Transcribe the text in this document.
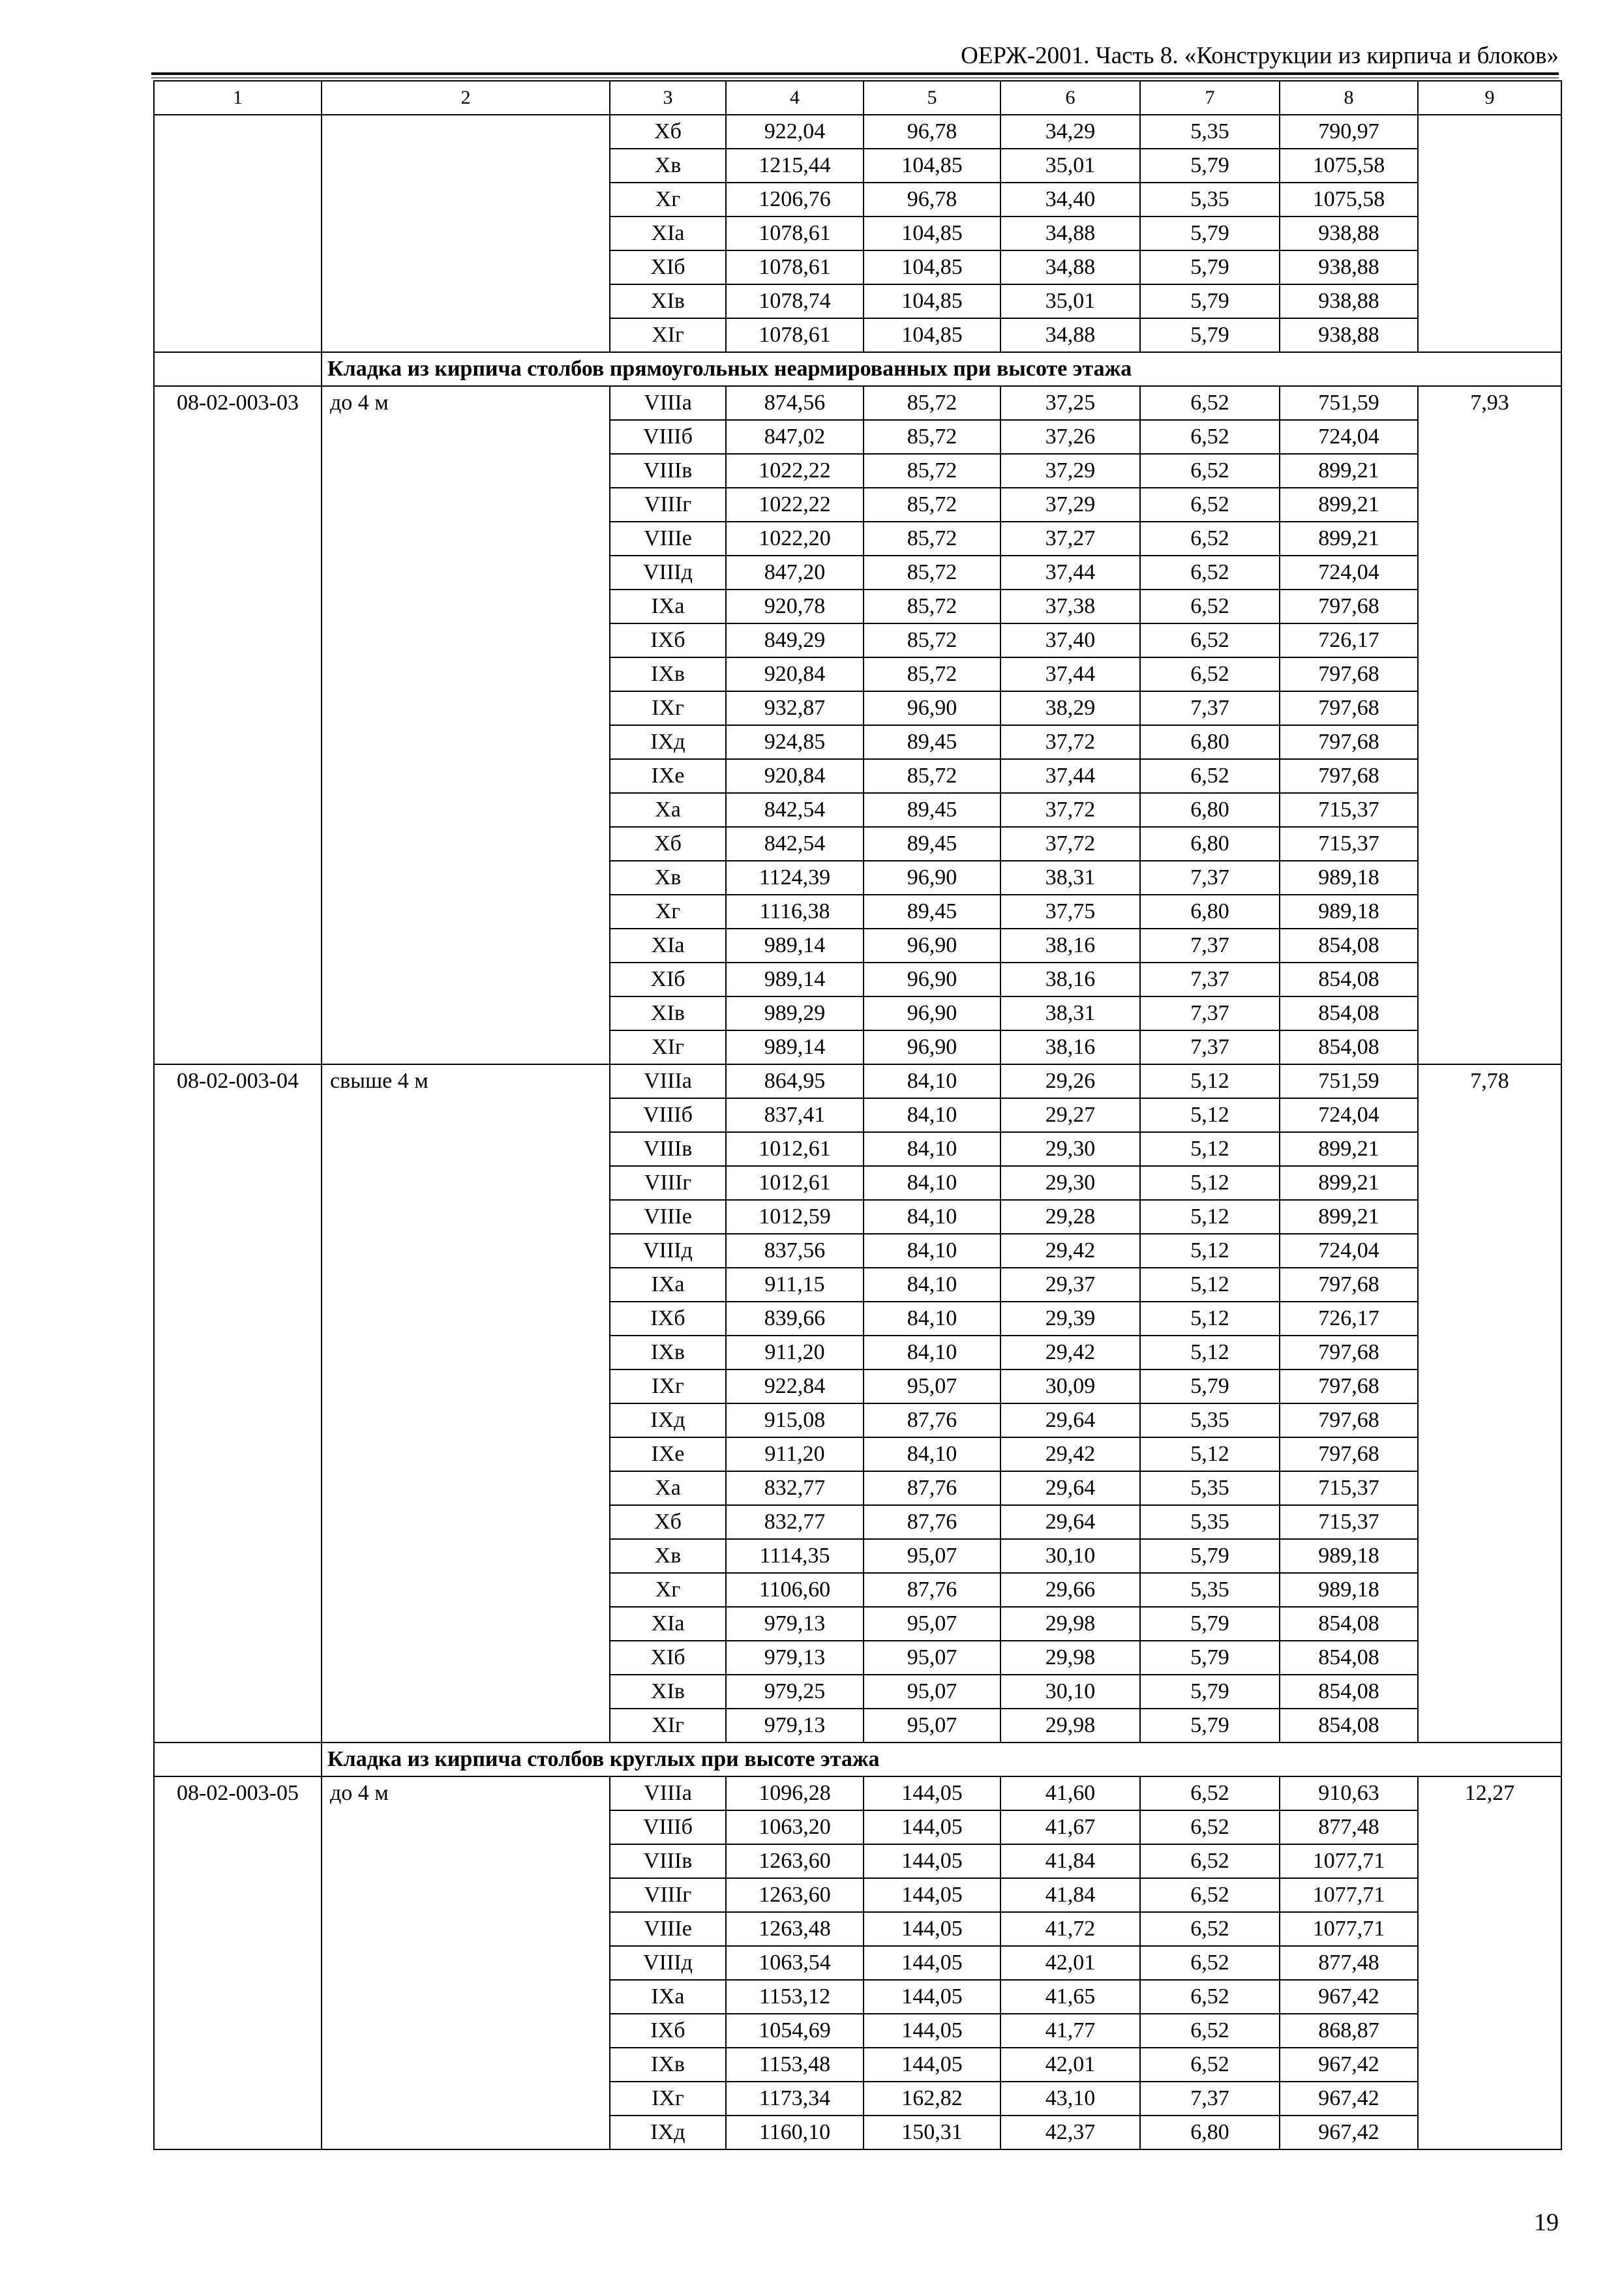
ОЕРЖ-2001. Часть 8. «Конструкции из кирпича и блоков»
1	2	3	4	5	6	7	8	9
		Xб	922,04	96,78	34,29	5,35	790,97	
		Xв	1215,44	104,85	35,01	5,79	1075,58	
		Xг	1206,76	96,78	34,40	5,35	1075,58	
		XIa	1078,61	104,85	34,88	5,79	938,88	
		XIб	1078,61	104,85	34,88	5,79	938,88	
		XIв	1078,74	104,85	35,01	5,79	938,88	
		XIг	1078,61	104,85	34,88	5,79	938,88	
	Кладка из кирпича столбов прямоугольных неармированных при высоте этажа							
08-02-003-03	до 4 м	VIIIa	874,56	85,72	37,25	6,52	751,59	7,93
		VIIIб	847,02	85,72	37,26	6,52	724,04	
		VIIIв	1022,22	85,72	37,29	6,52	899,21	
		VIIIг	1022,22	85,72	37,29	6,52	899,21	
		VIIIe	1022,20	85,72	37,27	6,52	899,21	
		VIIIд	847,20	85,72	37,44	6,52	724,04	
		IXa	920,78	85,72	37,38	6,52	797,68	
		IXб	849,29	85,72	37,40	6,52	726,17	
		IXв	920,84	85,72	37,44	6,52	797,68	
		IXг	932,87	96,90	38,29	7,37	797,68	
		IXд	924,85	89,45	37,72	6,80	797,68	
		IXe	920,84	85,72	37,44	6,52	797,68	
		Xa	842,54	89,45	37,72	6,80	715,37	
		Xб	842,54	89,45	37,72	6,80	715,37	
		Xв	1124,39	96,90	38,31	7,37	989,18	
		Xг	1116,38	89,45	37,75	6,80	989,18	
		XIa	989,14	96,90	38,16	7,37	854,08	
		XIб	989,14	96,90	38,16	7,37	854,08	
		XIв	989,29	96,90	38,31	7,37	854,08	
		XIг	989,14	96,90	38,16	7,37	854,08	
08-02-003-04	свыше 4 м	VIIIa	864,95	84,10	29,26	5,12	751,59	7,78
		VIIIб	837,41	84,10	29,27	5,12	724,04	
		VIIIв	1012,61	84,10	29,30	5,12	899,21	
		VIIIг	1012,61	84,10	29,30	5,12	899,21	
		VIIIe	1012,59	84,10	29,28	5,12	899,21	
		VIIIд	837,56	84,10	29,42	5,12	724,04	
		IXa	911,15	84,10	29,37	5,12	797,68	
		IXб	839,66	84,10	29,39	5,12	726,17	
		IXв	911,20	84,10	29,42	5,12	797,68	
		IXг	922,84	95,07	30,09	5,79	797,68	
		IXд	915,08	87,76	29,64	5,35	797,68	
		IXe	911,20	84,10	29,42	5,12	797,68	
		Xa	832,77	87,76	29,64	5,35	715,37	
		Xб	832,77	87,76	29,64	5,35	715,37	
		Xв	1114,35	95,07	30,10	5,79	989,18	
		Xг	1106,60	87,76	29,66	5,35	989,18	
		XIa	979,13	95,07	29,98	5,79	854,08	
		XIб	979,13	95,07	29,98	5,79	854,08	
		XIв	979,25	95,07	30,10	5,79	854,08	
		XIг	979,13	95,07	29,98	5,79	854,08	
	Кладка из кирпича столбов круглых при высоте этажа							
08-02-003-05	до 4 м	VIIIa	1096,28	144,05	41,60	6,52	910,63	12,27
		VIIIб	1063,20	144,05	41,67	6,52	877,48	
		VIIIв	1263,60	144,05	41,84	6,52	1077,71	
		VIIIг	1263,60	144,05	41,84	6,52	1077,71	
		VIIIe	1263,48	144,05	41,72	6,52	1077,71	
		VIIIд	1063,54	144,05	42,01	6,52	877,48	
		IXa	1153,12	144,05	41,65	6,52	967,42	
		IXб	1054,69	144,05	41,77	6,52	868,87	
		IXв	1153,48	144,05	42,01	6,52	967,42	
		IXг	1173,34	162,82	43,10	7,37	967,42	
		IXд	1160,10	150,31	42,37	6,80	967,42	
19
